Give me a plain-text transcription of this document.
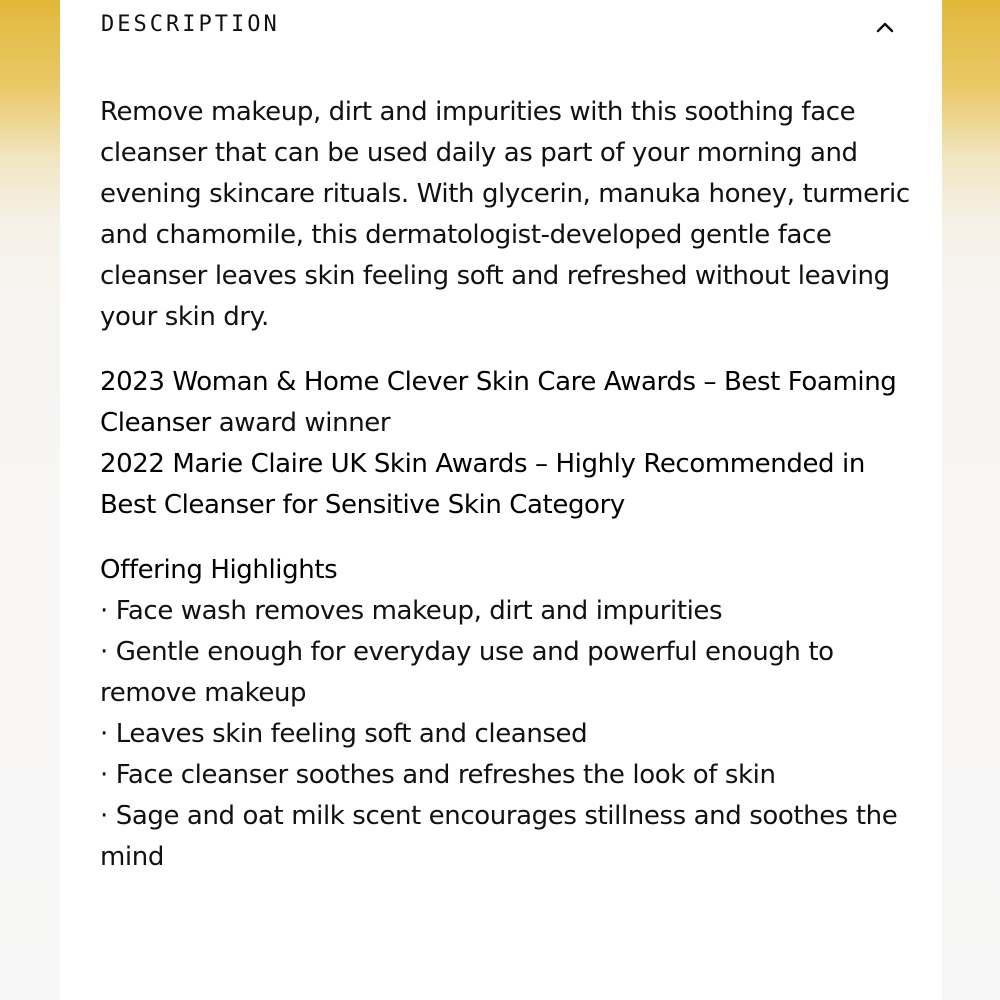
DESCRIPTION

Remove makeup, dirt and impurities with this soothing face cleanser that can be used daily as part of your morning and evening skincare rituals. With glycerin, manuka honey, turmeric and chamomile, this dermatologist-developed gentle face cleanser leaves skin feeling soft and refreshed without leaving your skin dry.

2023 Woman & Home Clever Skin Care Awards – Best Foaming Cleanser award winner

2022 Marie Claire UK Skin Awards – Highly Recommended in Best Cleanser for Sensitive Skin Category

Offering Highlights

· Face wash removes makeup, dirt and impurities

· Gentle enough for everyday use and powerful enough to remove makeup

· Leaves skin feeling soft and cleansed

· Face cleanser soothes and refreshes the look of skin

· Sage and oat milk scent encourages stillness and soothes the mind
